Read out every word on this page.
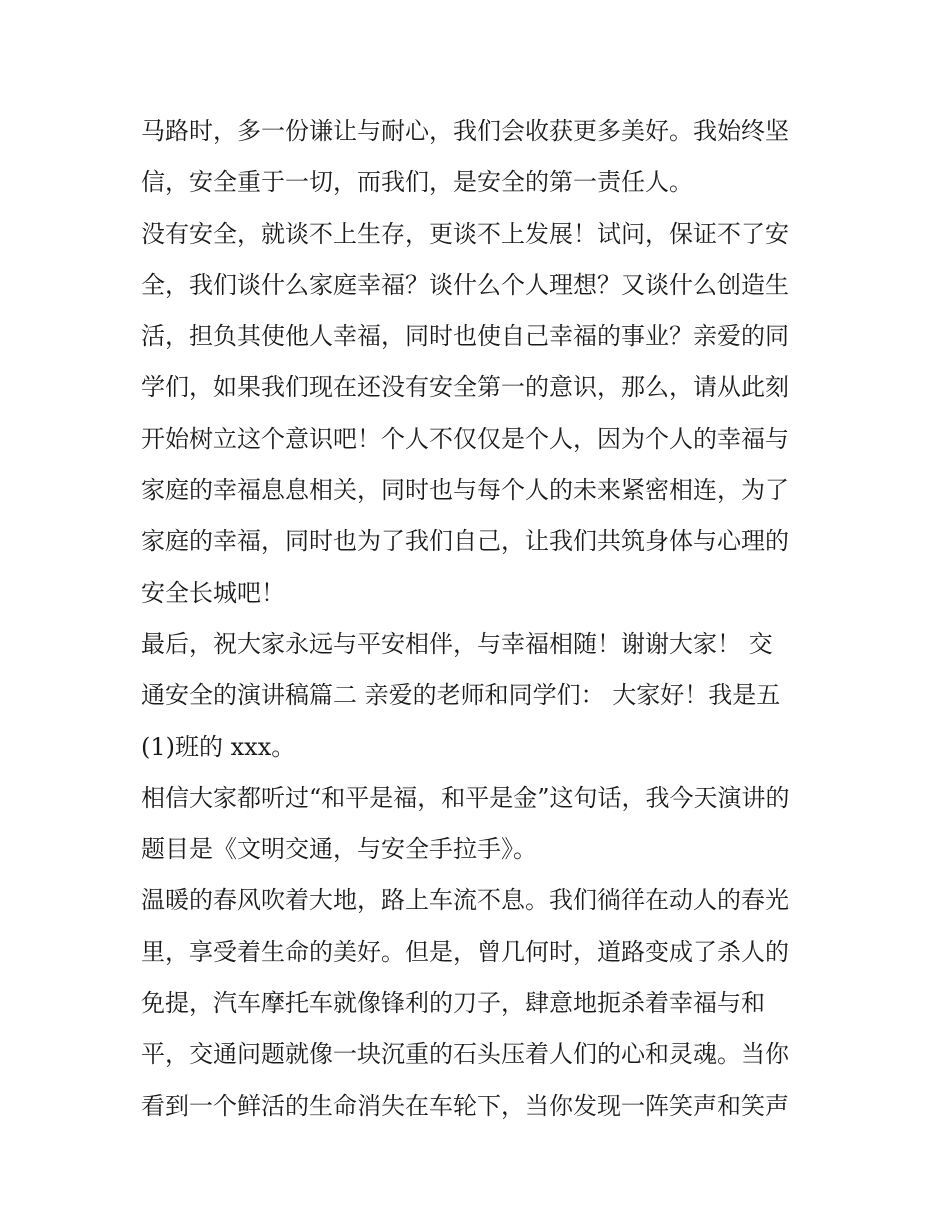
马路时，多一份谦让与耐心，我们会收获更多美好。我始终坚
信，安全重于一切，而我们，是安全的第一责任人。
没有安全，就谈不上生存，更谈不上发展！试问，保证不了安
全，我们谈什么家庭幸福？谈什么个人理想？又谈什么创造生
活，担负其使他人幸福，同时也使自己幸福的事业？亲爱的同
学们，如果我们现在还没有安全第一的意识，那么，请从此刻
开始树立这个意识吧！个人不仅仅是个人，因为个人的幸福与
家庭的幸福息息相关，同时也与每个人的未来紧密相连，为了
家庭的幸福，同时也为了我们自己，让我们共筑身体与心理的
安全长城吧！
最后，祝大家永远与平安相伴，与幸福相随！谢谢大家！ 交
通安全的演讲稿篇二 亲爱的老师和同学们： 大家好！我是五
(1)班的 xxx。
相信大家都听过“和平是福，和平是金”这句话，我今天演讲的
题目是《文明交通，与安全手拉手》。
温暖的春风吹着大地，路上车流不息。我们徜徉在动人的春光
里，享受着生命的美好。但是，曾几何时，道路变成了杀人的
免提，汽车摩托车就像锋利的刀子，肆意地扼杀着幸福与和
平，交通问题就像一块沉重的石头压着人们的心和灵魂。当你
看到一个鲜活的生命消失在车轮下，当你发现一阵笑声和笑声
